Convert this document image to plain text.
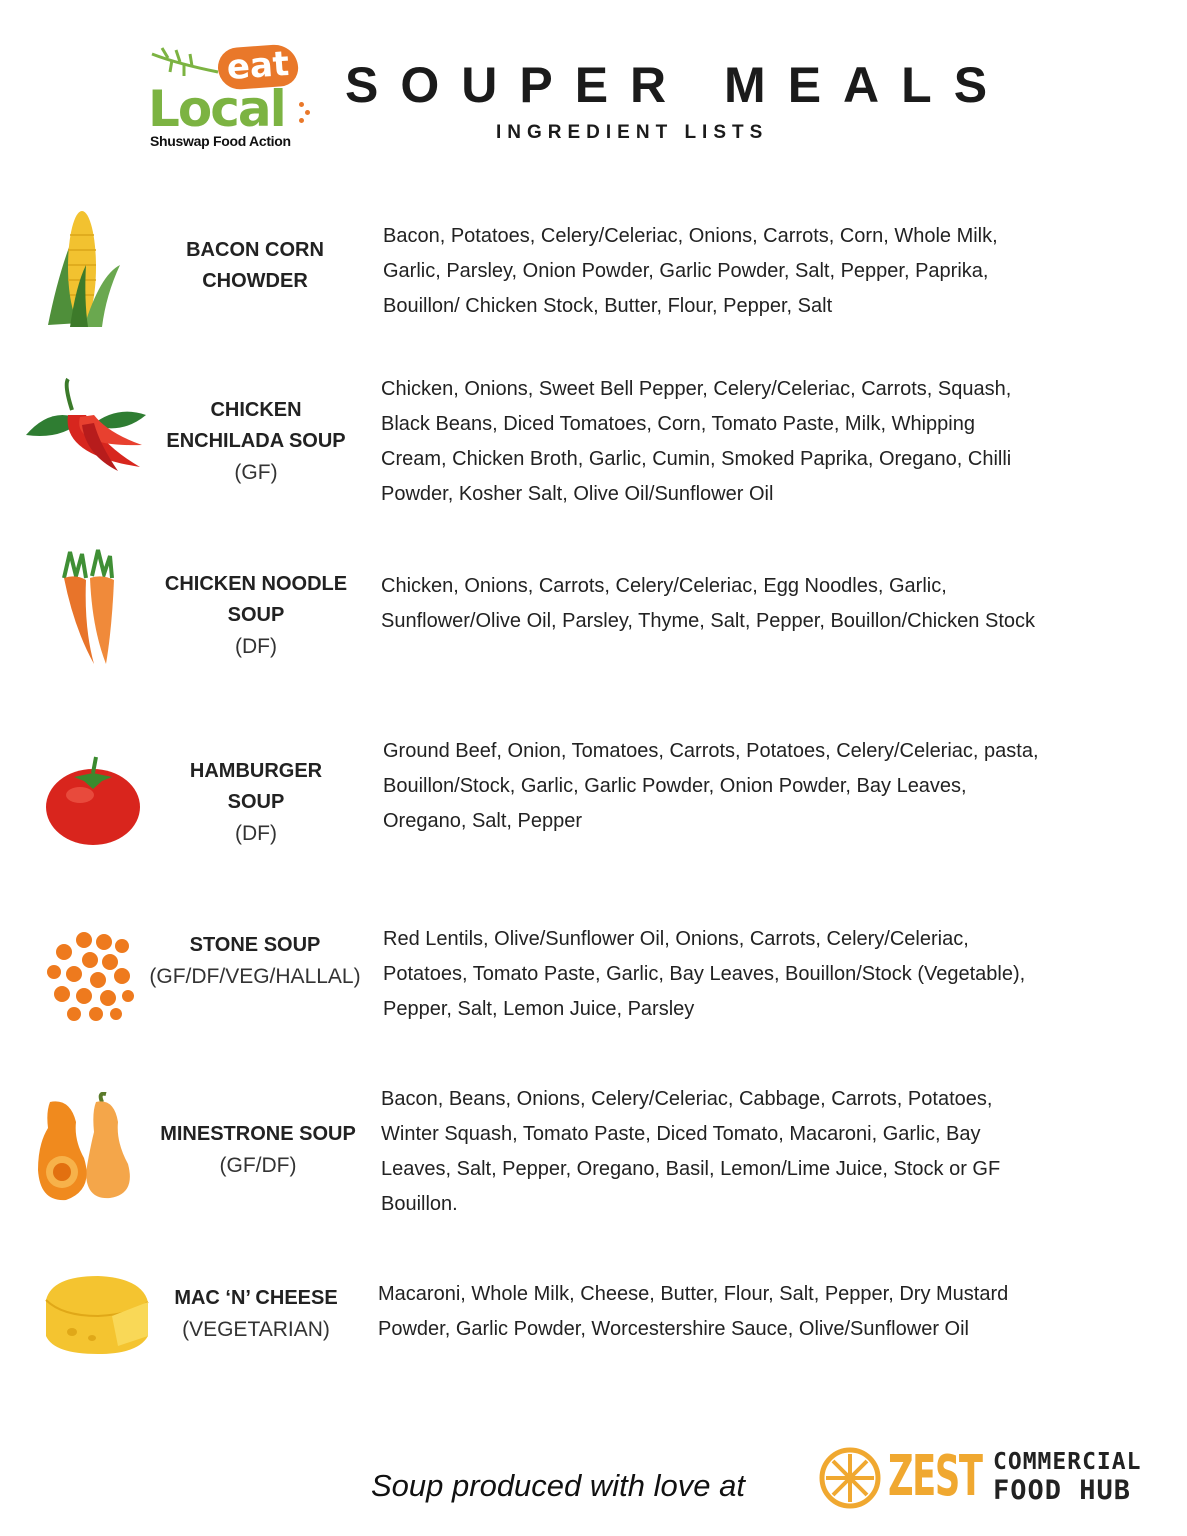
eat
Local
Shuswap Food Action
SOUPER MEALS
INGREDIENT LISTS
BACON CORN
CHOWDER
Bacon, Potatoes, Celery/Celeriac, Onions, Carrots, Corn, Whole Milk,
Garlic, Parsley, Onion Powder, Garlic Powder, Salt, Pepper, Paprika,
Bouillon/ Chicken Stock, Butter, Flour, Pepper, Salt
CHICKEN
ENCHILADA SOUP
(GF)
Chicken, Onions, Sweet Bell Pepper, Celery/Celeriac, Carrots, Squash,
Black Beans, Diced Tomatoes, Corn, Tomato Paste, Milk, Whipping
Cream, Chicken Broth, Garlic, Cumin, Smoked Paprika, Oregano, Chilli
Powder, Kosher Salt, Olive Oil/Sunflower Oil
CHICKEN NOODLE
SOUP
(DF)
Chicken, Onions, Carrots, Celery/Celeriac, Egg Noodles, Garlic,
Sunflower/Olive Oil, Parsley, Thyme, Salt, Pepper, Bouillon/Chicken Stock
HAMBURGER
SOUP
(DF)
Ground Beef, Onion, Tomatoes, Carrots, Potatoes, Celery/Celeriac, pasta,
Bouillon/Stock, Garlic, Garlic Powder, Onion Powder, Bay Leaves,
Oregano, Salt, Pepper
STONE SOUP
(GF/DF/VEG/HALLAL)
Red Lentils, Olive/Sunflower Oil, Onions, Carrots, Celery/Celeriac,
Potatoes, Tomato Paste, Garlic, Bay Leaves, Bouillon/Stock (Vegetable),
Pepper, Salt, Lemon Juice, Parsley
MINESTRONE SOUP
(GF/DF)
Bacon, Beans, Onions, Celery/Celeriac, Cabbage, Carrots, Potatoes,
Winter Squash, Tomato Paste, Diced Tomato, Macaroni, Garlic, Bay
Leaves, Salt, Pepper, Oregano, Basil, Lemon/Lime Juice, Stock or GF
Bouillon.
MAC ‘N’ CHEESE
(VEGETARIAN)
Macaroni, Whole Milk, Cheese, Butter, Flour, Salt, Pepper, Dry Mustard
Powder, Garlic Powder, Worcestershire Sauce, Olive/Sunflower Oil
Soup produced with love at	ZEST COMMERCIAL
FOOD HUB
